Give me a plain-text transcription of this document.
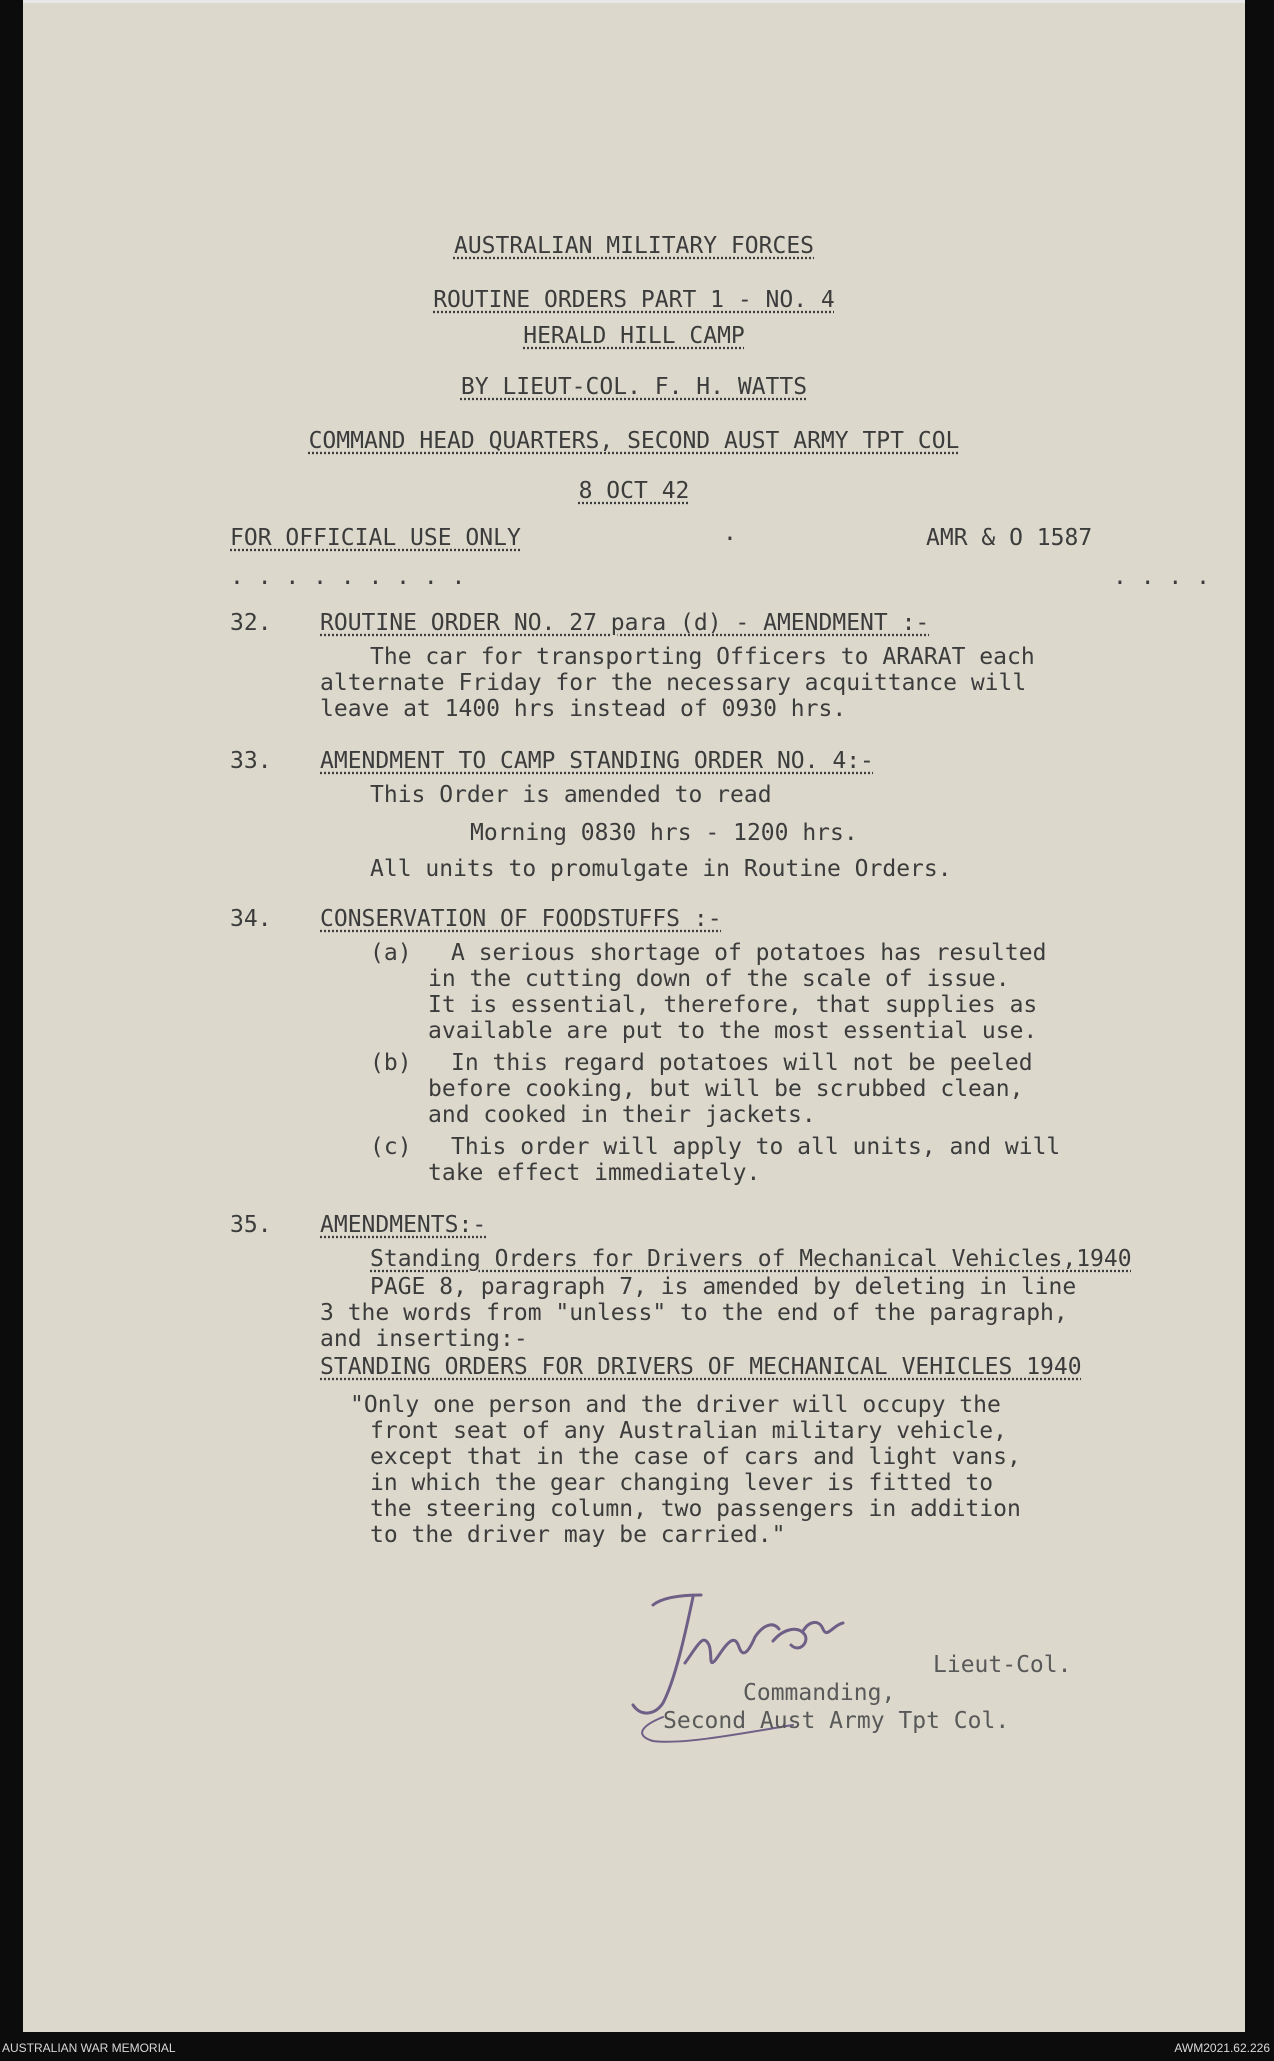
AUSTRALIAN MILITARY FORCES
ROUTINE ORDERS PART 1 - NO. 4
HERALD HILL CAMP
BY LIEUT-COL. F. H. WATTS
COMMAND HEAD QUARTERS, SECOND AUST ARMY TPT COL
8 OCT 42
FOR OFFICIAL USE ONLY	AMR & O 1587
. . . . . . . . .
.
. . . .
32. ROUTINE ORDER NO. 27 para (d) - AMENDMENT :-
The car for transporting Officers to ARARAT each
alternate Friday for the necessary acquittance will
leave at 1400 hrs instead of 0930 hrs.
33. AMENDMENT TO CAMP STANDING ORDER NO. 4:-
This Order is amended to read
Morning 0830 hrs - 1200 hrs.
All units to promulgate in Routine Orders.
34. CONSERVATION OF FOODSTUFFS :-
(a) A serious shortage of potatoes has resulted
in the cutting down of the scale of issue.
It is essential, therefore, that supplies as
available are put to the most essential use.
(b) In this regard potatoes will not be peeled
before cooking, but will be scrubbed clean,
and cooked in their jackets.
(c) This order will apply to all units, and will
take effect immediately.
35. AMENDMENTS:-
Standing Orders for Drivers of Mechanical Vehicles,1940
PAGE 8, paragraph 7, is amended by deleting in line
3 the words from "unless" to the end of the paragraph,
and inserting:-
STANDING ORDERS FOR DRIVERS OF MECHANICAL VEHICLES 1940
"Only one person and the driver will occupy the
front seat of any Australian military vehicle,
except that in the case of cars and light vans,
in which the gear changing lever is fitted to
the steering column, two passengers in addition
to the driver may be carried."
Lieut-Col.
Commanding,
Second Aust Army Tpt Col.
AUSTRALIAN WAR MEMORIAL	AWM2021.62.226
